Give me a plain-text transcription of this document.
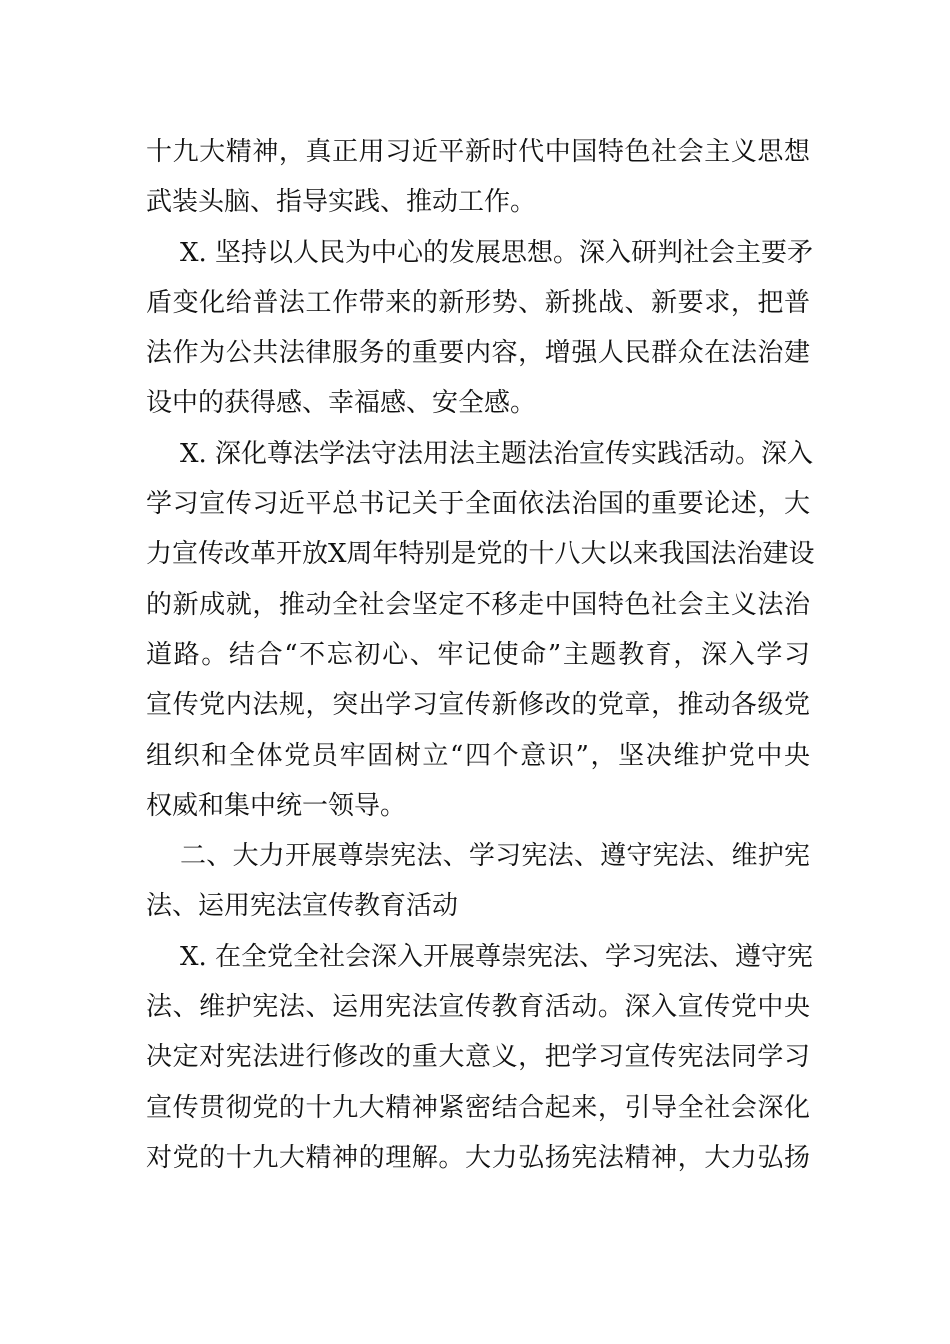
十九大精神，真正用习近平新时代中国特色社会主义思想
武装头脑、指导实践、推动工作。
X. 坚持以人民为中心的发展思想。深入研判社会主要矛
盾变化给普法工作带来的新形势、新挑战、新要求，把普
法作为公共法律服务的重要内容，增强人民群众在法治建
设中的获得感、幸福感、安全感。
X. 深化尊法学法守法用法主题法治宣传实践活动。深入
学习宣传习近平总书记关于全面依法治国的重要论述，大
力宣传改革开放X周年特别是党的十八大以来我国法治建设
的新成就，推动全社会坚定不移走中国特色社会主义法治
道路。结合“不忘初心、牢记使命”主题教育，深入学习
宣传党内法规，突出学习宣传新修改的党章，推动各级党
组织和全体党员牢固树立“四个意识”，坚决维护党中央
权威和集中统一领导。
二、大力开展尊崇宪法、学习宪法、遵守宪法、维护宪
法、运用宪法宣传教育活动
X. 在全党全社会深入开展尊崇宪法、学习宪法、遵守宪
法、维护宪法、运用宪法宣传教育活动。深入宣传党中央
决定对宪法进行修改的重大意义，把学习宣传宪法同学习
宣传贯彻党的十九大精神紧密结合起来，引导全社会深化
对党的十九大精神的理解。大力弘扬宪法精神，大力弘扬
